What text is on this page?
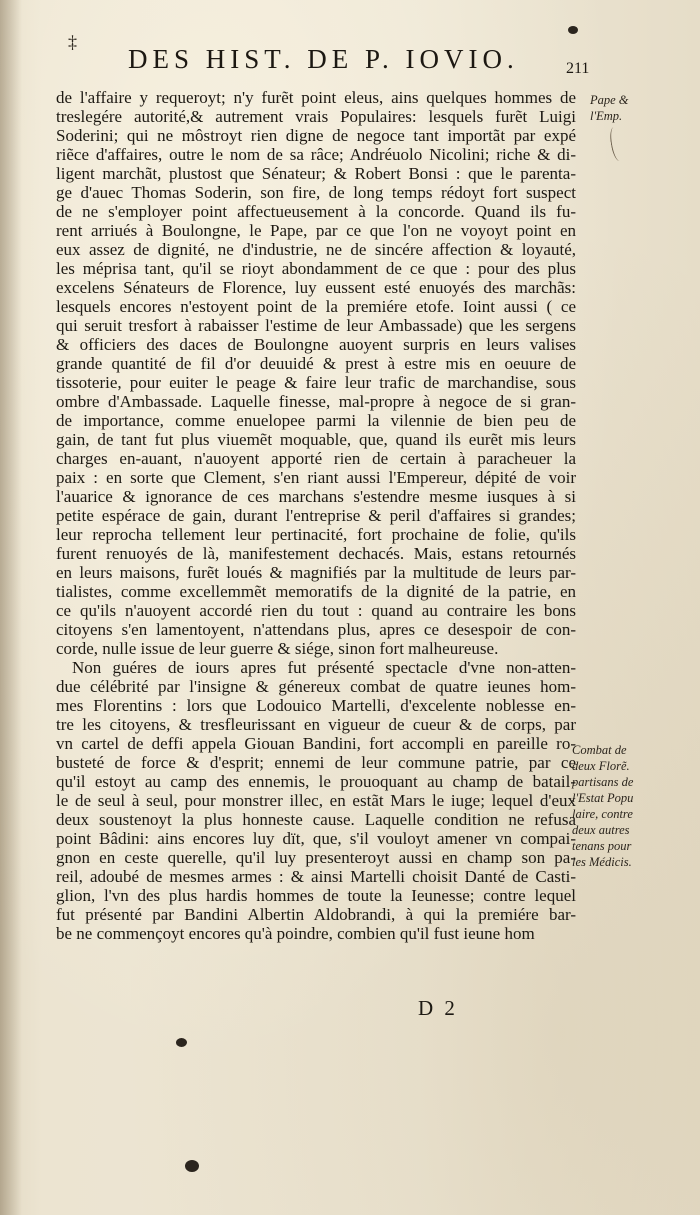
‡
DES HIST. DE P. IOVIO.	211
Pape &
l'Emp.
Combat de
deux Florẽ.
partisans de
l'Estat Popu
laire, contre
deux autres
tenans pour
les Médicis.
de l'affaire y requeroyt; n'y furẽt point eleus, ains quelques hommes de
treslegére autorité,& autrement vrais Populaires: lesquels furẽt Luigi
Soderini; qui ne môstroyt rien digne de negoce tant importãt par expé
riẽce d'affaires, outre le nom de sa râce; Andréuolo Nicolini; riche & di-
ligent marchãt, plustost que Sénateur; & Robert Bonsi : que le parenta-
ge d'auec Thomas Soderin, son fire, de long temps rédoyt fort suspect
de ne s'employer point affectueusement à la concorde. Quand ils fu-
rent arriués à Boulongne, le Pape, par ce que l'on ne voyoyt point en
eux assez de dignité, ne d'industrie, ne de sincére affection & loyauté,
les méprisa tant, qu'il se rioyt abondamment de ce que : pour des plus
excelens Sénateurs de Florence, luy eussent esté enuoyés des marchãs:
lesquels encores n'estoyent point de la premiére etofe. Ioint aussi ( ce
qui seruit tresfort à rabaisser l'estime de leur Ambassade) que les sergens
& officiers des daces de Boulongne auoyent surpris en leurs valises
grande quantité de fil d'or deuuidé & prest à estre mis en oeuure de
tissoterie, pour euiter le peage & faire leur trafic de marchandise, sous
ombre d'Ambassade. Laquelle finesse, mal-propre à negoce de si gran-
de importance, comme enuelopee parmi la vilennie de bien peu de
gain, de tant fut plus viuemẽt moquable, que, quand ils eurẽt mis leurs
charges en-auant, n'auoyent apporté rien de certain à paracheuer la
paix : en sorte que Clement, s'en riant aussi l'Empereur, dépité de voir
l'auarice & ignorance de ces marchans s'estendre mesme iusques à si
petite espérace de gain, durant l'entreprise & peril d'affaires si grandes;
leur reprocha tellement leur pertinacité, fort prochaine de folie, qu'ils
furent renuoyés de là, manifestement dechacés. Mais, estans retournés
en leurs maisons, furẽt loués & magnifiés par la multitude de leurs par-
tialistes, comme excellemmẽt memoratifs de la dignité de la patrie, en
ce qu'ils n'auoyent accordé rien du tout : quand au contraire les bons
citoyens s'en lamentoyent, n'attendans plus, apres ce desespoir de con-
corde, nulle issue de leur guerre & siége, sinon fort malheureuse.
Non guéres de iours apres fut présenté spectacle d'vne non-atten-
due célébrité par l'insigne & génereux combat de quatre ieunes hom-
mes Florentins : lors que Lodouico Martelli, d'excelente noblesse en-
tre les citoyens, & tresfleurissant en vigueur de cueur & de corps, par
vn cartel de deffi appela Giouan Bandini, fort accompli en pareille ro-
busteté de force & d'esprit; ennemi de leur commune patrie, par ce
qu'il estoyt au camp des ennemis, le prouoquant au champ de batail-
le de seul à seul, pour monstrer illec, en estãt Mars le iuge; lequel d'eux
deux soustenoyt la plus honneste cause. Laquelle condition ne refusa
point Bâdini: ains encores luy dït, que, s'il vouloyt amener vn compai-
gnon en ceste querelle, qu'il luy presenteroyt aussi en champ son pa-
reil, adoubé de mesmes armes : & ainsi Martelli choisit Danté de Casti-
glion, l'vn des plus hardis hommes de toute la Ieunesse; contre lequel
fut présenté par Bandini Albertin Aldobrandi, à qui la premiére bar-
be ne commençoyt encores qu'à poindre, combien qu'il fust ieune hom
D 2
